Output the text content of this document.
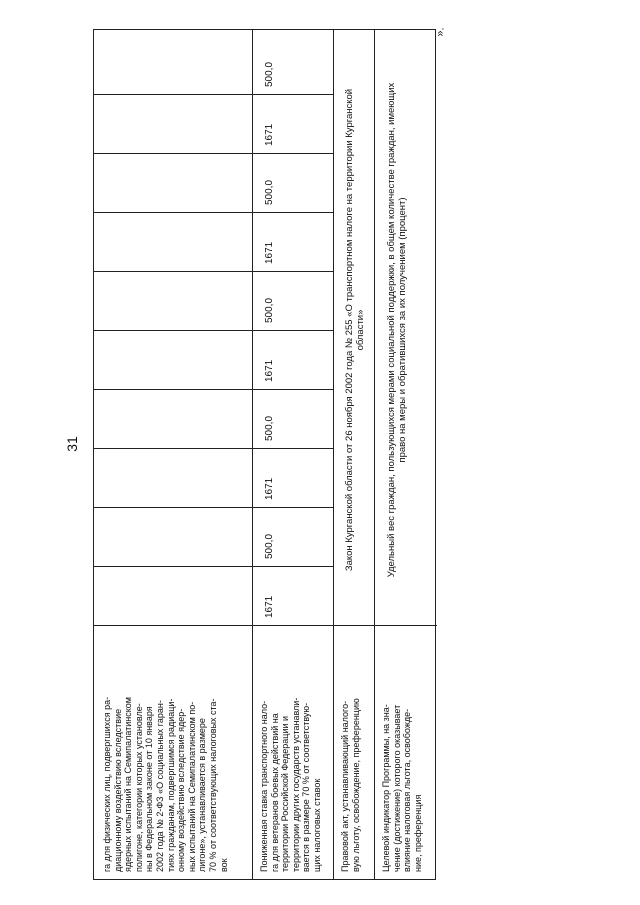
31
».
га для физических лиц, подвергшихся ра-
диационному воздействию вследствие
ядерных испытаний на Семипалатинском
полигоне, категории которых установле-
ны в Федеральном законе от 10 января
2002 года № 2-ФЗ «О социальных гаран-
тиях гражданам, подвергшимся радиаци-
онному воздействию вследствие ядер-
ных испытаний на Семипалатинском по-
лигоне», устанавливается в размере
70 % от соответствующих налоговых ста-
вок	Пониженная ставка транспортного нало-
га для ветеранов боевых действий на
территории Российской Федерации и
территории других государств устанавли-
вается в размере 70 % от соответствую-
щих налоговых ставок
1671
500,0
1671
500,0
1671
500,0
1671
500,0
1671
500,0
Правовой акт, устанавливающий налого-
вую льготу, освобождение, преференцию
Закон Курганской области от 26 ноября 2002 года № 255 «О транспортном налоге на территории Курганской
области»
Целевой индикатор Программы, на зна-
чение (достижение) которого оказывает
влияние налоговая льгота, освобожде-
ние, преференция
Удельный вес граждан, пользующихся мерами социальной поддержки, в общем количестве граждан, имеющих
право на меры и обратившихся за их получением (процент)
